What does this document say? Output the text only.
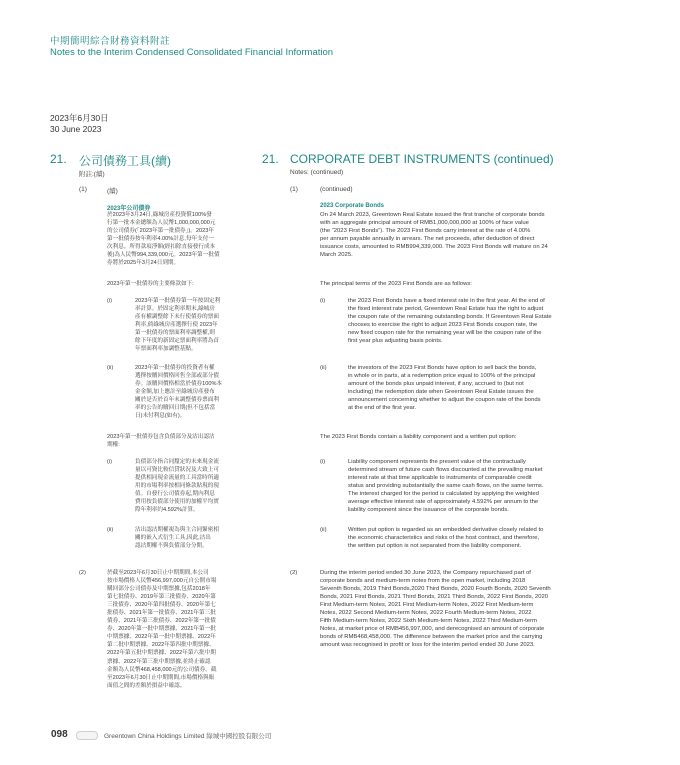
中期簡明綜合財務資料附註
Notes to the Interim Condensed Consolidated Financial Information
2023年6月30日
30 June 2023
21. 公司債務工具(續)
附註:(續)
(1)	(續)
2023年公司債券

於2023年3月24日,綠城房產投資償100%發

行第一批本金總額為人民幣1,000,000,000元

的公司債券(「2023年第一批債券」)。2023年

第一批債券按年利率4.00%計息,每年支付一

次利息。所得款項淨額(經扣除直接發行成本

後)為人民幣994,339,000元。2023年第一批債

券將於2025年3月24日到期。

2023年第一批債券的主要條款如下:
(i)	2023年第一批債券第一年按固定利

率計算。於固定利率期末,綠城房

產有權調整餘下未行使債券的票面

利率,倘綠城房產選擇行使 2023年

第一批債券的票面利率調整權,則

餘下年度的新固定票面利率將為首

年票面利率加調整基點。

(ii)	2023年第一批債券的投資者有權

選擇按贖回價格回售全部或部分債

券。該贖回價格相當於債券100%本

金金額,加上應計至綠城房產發布

關於是否於首年末調整債券票面利

率的公告的贖回日期(但不包括當

日)未付利息(如有)。

2023年第一批債券包含負債部分及沽出認沽

期權:

(i)	負債部分指合同釐定的未來現金流

量以可資比較信貸狀況及大致上可

提供相同現金流量的工具當時所適

用的市場利率按相同條款貼現的現

值。自發行公司債券起,期內利息

費用按負債部分使用的加權平均實

際年利率約4.592%計算。

(ii)	沽出認沽期權視為與主合同緊密相

關的嵌入式衍生工具,因此,沽出

認沽期權不與負債部分分開。

(2)	於截至2023年6月30日止中期期間,本公司

按市場價格人民幣456,997,000元自公開市場

購回部分公司債券及中期票據,包括2018年

第七批債券、2019年第三批債券、2020年第

三批債券、2020年第四批債券、2020年第七

批債券、2021年第一批債券、2021年第三批

債券、2021年第三批債券、2022年第一批債

券、2020年第一批中期票據、2021年第一批

中期票據、2022年第一批中期票據、2022年

第二批中期票據、2022年第四批中期票據、

2022年第五批中期票據、2022年第六批中期

票據、2022年第三批中期票據,並終止確認

金額為人民幣468,458,000元的公司債券。截

至2023年6月30日止中期期間,市場價格與賬

面值之間的差額於損益中確認。

21. CORPORATE DEBT INSTRUMENTS (continued)
Notes: (continued)
(1)	(continued)
2023 Corporate Bonds

On 24 March 2023, Greentown Real Estate issued the first tranche of corporate bonds

with an aggregate principal amount of RMB1,000,000,000 at 100% of face value

(the “2023 First Bonds”). The 2023 First Bonds carry interest at the rate of 4.00%

per annum payable annually in arrears. The net proceeds, after deduction of direct

issuance costs, amounted to RMB994,339,000. The 2023 First Bonds will mature on 24

March 2025.

The principal terms of the 2023 First Bonds are as follows:
(i)	the 2023 First Bonds have a fixed interest rate in the first year. At the end of

the fixed interest rate period, Greentown Real Estate has the right to adjust

the coupon rate of the remaining outstanding bonds. If Greentown Real Estate

chooses to exercise the right to adjust 2023 First Bonds coupon rate, the

new fixed coupon rate for the remaining year will be the coupon rate of the

first year plus adjusting basis points.

(ii)	the investors of the 2023 First Bonds have option to sell back the bonds,

in whole or in parts, at a redemption price equal to 100% of the principal

amount of the bonds plus unpaid interest, if any, accrued to (but not

including) the redemption date when Greentown Real Estate issues the

announcement concerning whether to adjust the coupon rate of the bonds

at the end of the first year.

The 2023 First Bonds contain a liability component and a written put option:
(i)	Liability component represents the present value of the contractually

determined stream of future cash flows discounted at the prevailing market

interest rate at that time applicable to instruments of comparable credit

status and providing substantially the same cash flows, on the same terms.

The interest charged for the period is calculated by applying the weighted

average effective interest rate of approximately 4.592% per annum to the

liability component since the issuance of the corporate bonds.

(ii)	Written put option is regarded as an embedded derivative closely related to

the economic characteristics and risks of the host contract, and therefore,

the written put option is not separated from the liability component.

(2)	During the interim period ended 30 June 2023, the Company repurchased part of

corporate bonds and medium-term notes from the open market, including 2018

Seventh Bonds, 2019 Third Bonds,2020 Third Bonds, 2020 Fourth Bonds, 2020 Seventh

Bonds, 2021 First Bonds, 2021 Third Bonds, 2021 Third Bonds, 2022 First Bonds, 2020

First Medium-term Notes, 2021 First Medium-term Notes, 2022 First Medium-term

Notes, 2022 Second Medium-term Notes, 2022 Fourth Medium-term Notes, 2022

Fifth Medium-term Notes, 2022 Sixth Medium-term Notes, 2022 Third Medium-term

Notes, at market price of RMB456,997,000, and derecognised an amount of corporate

bonds of RMB468,458,000. The difference between the market price and the carrying

amount was recognised in profit or loss for the interim period ended 30 June 2023.

098	Greentown China Holdings Limited 綠城中國控股有限公司
